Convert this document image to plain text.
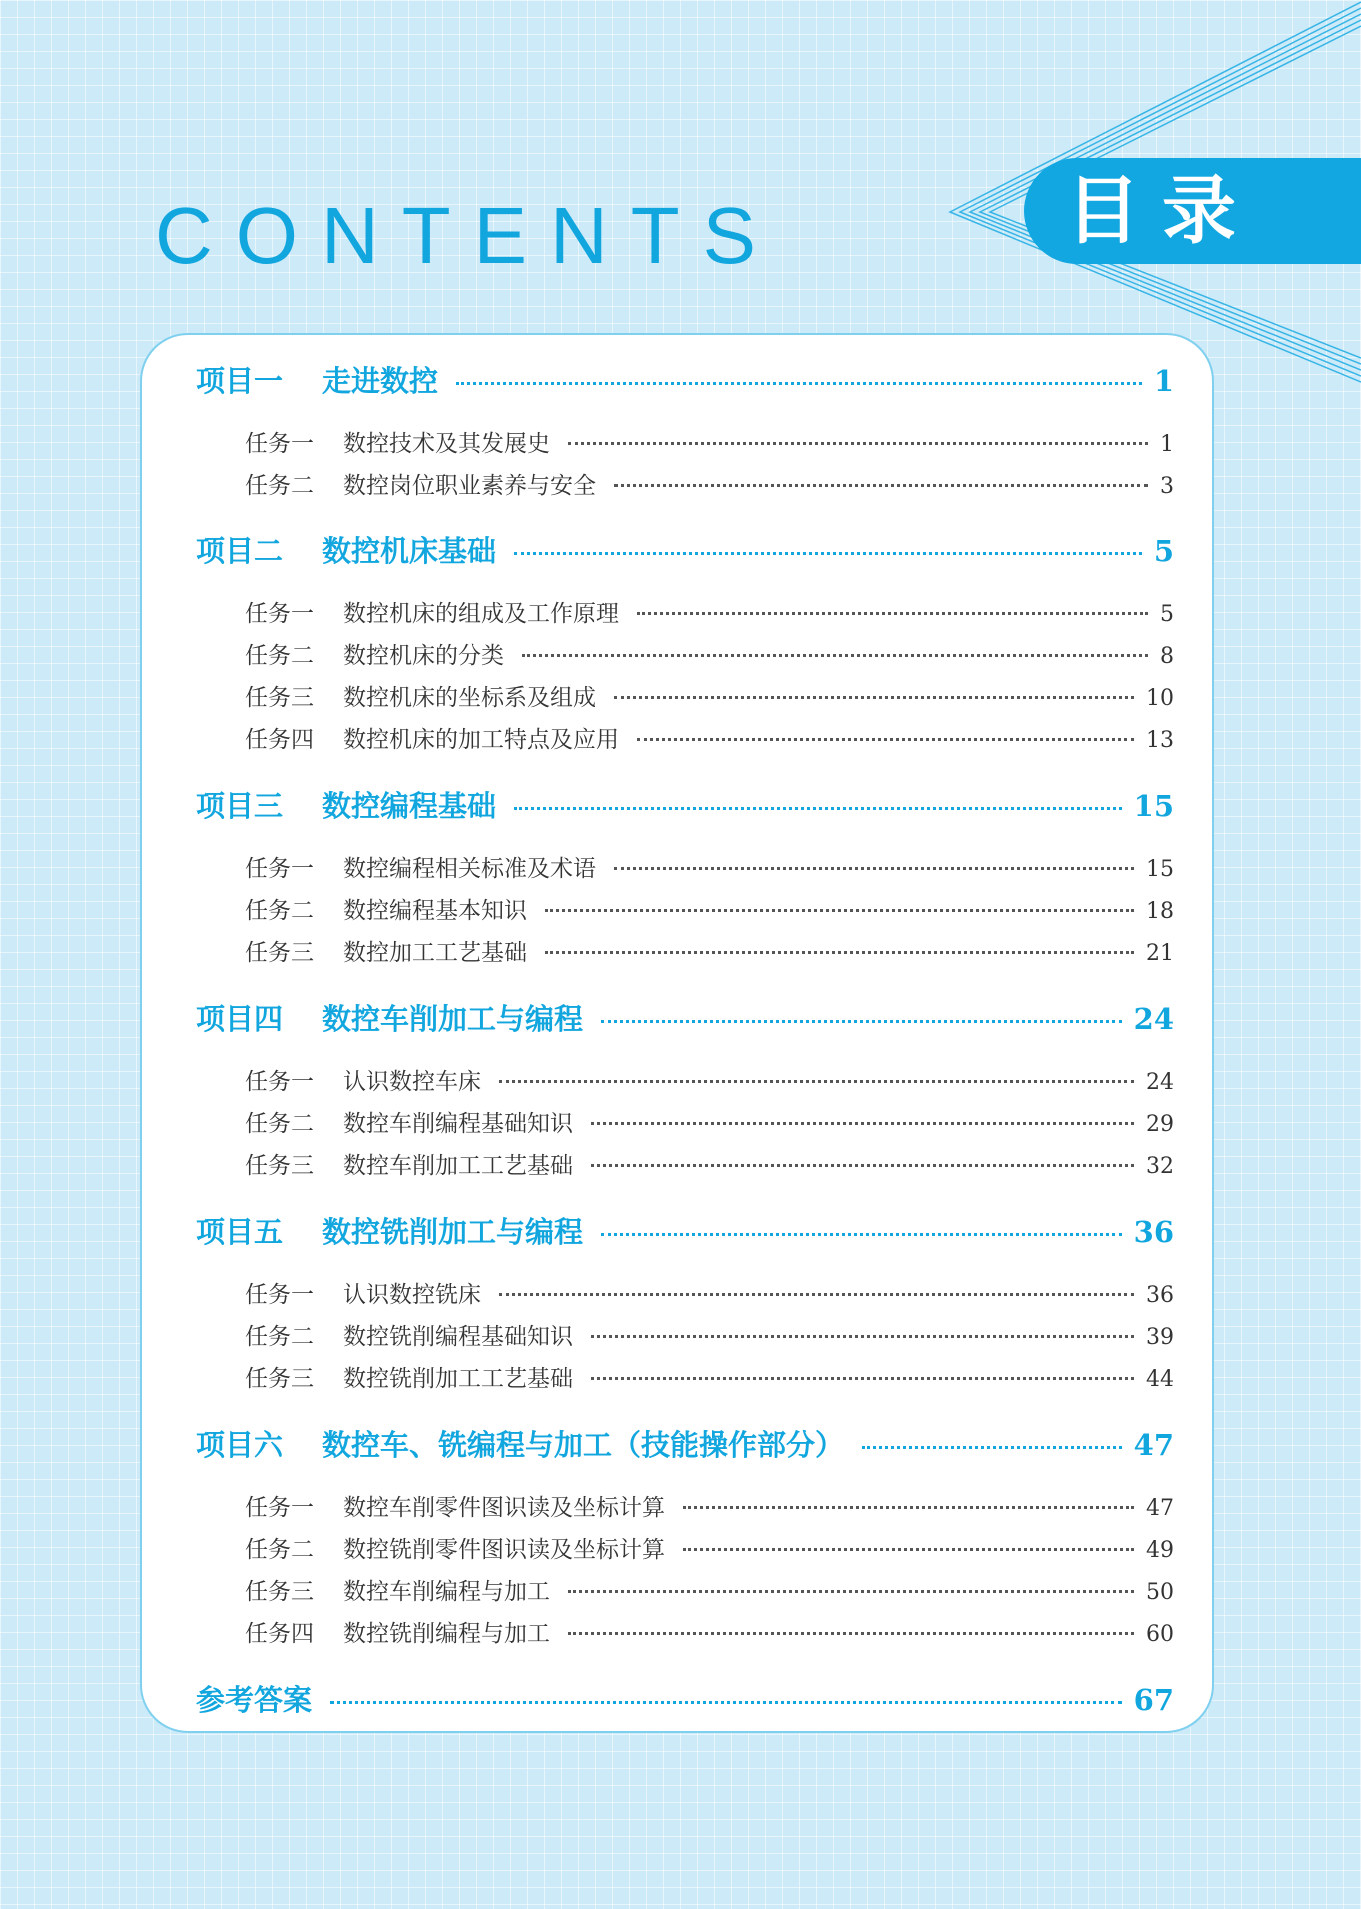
CONTENTS	目录
项目一	走进数控	1
任务一	数控技术及其发展史	1
任务二	数控岗位职业素养与安全	3
项目二	数控机床基础	5
任务一	数控机床的组成及工作原理	5
任务二	数控机床的分类	8
任务三	数控机床的坐标系及组成	10
任务四	数控机床的加工特点及应用	13
项目三	数控编程基础	15
任务一	数控编程相关标准及术语	15
任务二	数控编程基本知识	18
任务三	数控加工工艺基础	21
项目四	数控车削加工与编程	24
任务一	认识数控车床	24
任务二	数控车削编程基础知识	29
任务三	数控车削加工工艺基础	32
项目五	数控铣削加工与编程	36
任务一	认识数控铣床	36
任务二	数控铣削编程基础知识	39
任务三	数控铣削加工工艺基础	44
项目六	数控车、铣编程与加工（技能操作部分）	47
任务一	数控车削零件图识读及坐标计算	47
任务二	数控铣削零件图识读及坐标计算	49
任务三	数控车削编程与加工	50
任务四	数控铣削编程与加工	60
参考答案	67
